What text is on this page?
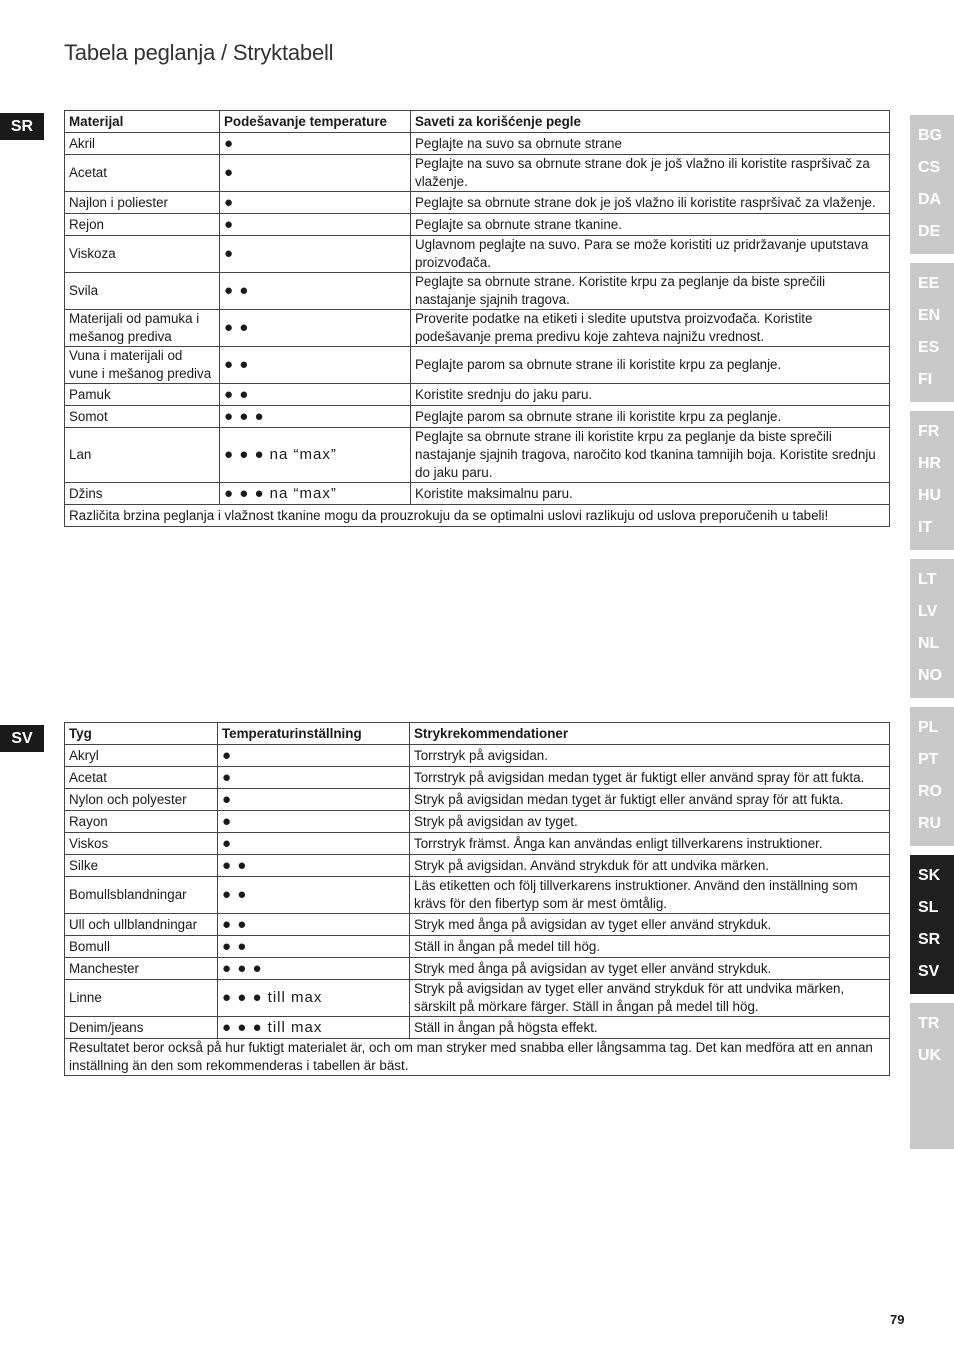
Tabela peglanja / Stryktabell
SR	Materijal	Podešavanje temperature	Saveti za korišćenje pegle
Akril	●	Peglajte na suvo sa obrnute strane
Acetat	●	Peglajte na suvo sa obrnute strane dok je još vlažno ili koristite raspršivač za vlaženje.
Najlon i poliester	●	Peglajte sa obrnute strane dok je još vlažno ili koristite raspršivač za vlaženje.
Rejon	●	Peglajte sa obrnute strane tkanine.
Viskoza	●	Uglavnom peglajte na suvo. Para se može koristiti uz pridržavanje uputstava proizvođača.
Svila	● ●	Peglajte sa obrnute strane. Koristite krpu za peglanje da biste sprečili nastajanje sjajnih tragova.
Materijali od pamuka i mešanog prediva	● ●	Proverite podatke na etiketi i sledite uputstva proizvođača. Koristite podešavanje prema predivu koje zahteva najnižu vrednost.
Vuna i materijali od vune i mešanog prediva	● ●	Peglajte parom sa obrnute strane ili koristite krpu za peglanje.
Pamuk	● ●	Koristite srednju do jaku paru.
Somot	● ● ●	Peglajte parom sa obrnute strane ili koristite krpu za peglanje.
Lan	● ● ● na “max”	Peglajte sa obrnute strane ili koristite krpu za peglanje da biste sprečili nastajanje sjajnih tragova, naročito kod tkanina tamnijih boja. Koristite srednju do jaku paru.
Džins	● ● ● na “max”	Koristite maksimalnu paru.
Različita brzina peglanja i vlažnost tkanine mogu da prouzrokuju da se optimalni uslovi razlikuju od uslova preporučenih u tabeli!		
SV	Tyg	Temperaturinställning	Strykrekommendationer
Akryl	●	Torrstryk på avigsidan.
Acetat	●	Torrstryk på avigsidan medan tyget är fuktigt eller använd spray för att fukta.
Nylon och polyester	●	Stryk på avigsidan medan tyget är fuktigt eller använd spray för att fukta.
Rayon	●	Stryk på avigsidan av tyget.
Viskos	●	Torrstryk främst. Ånga kan användas enligt tillverkarens instruktioner.
Silke	● ●	Stryk på avigsidan. Använd strykduk för att undvika märken.
Bomullsblandningar	● ●	Läs etiketten och följ tillverkarens instruktioner. Använd den inställning som krävs för den fibertyp som är mest ömtålig.
Ull och ullblandningar	● ●	Stryk med ånga på avigsidan av tyget eller använd strykduk.
Bomull	● ●	Ställ in ångan på medel till hög.
Manchester	● ● ●	Stryk med ånga på avigsidan av tyget eller använd strykduk.
Linne	● ● ● till max	Stryk på avigsidan av tyget eller använd strykduk för att undvika märken, särskilt på mörkare färger. Ställ in ångan på medel till hög.
Denim/jeans	● ● ● till max	Ställ in ångan på högsta effekt.
Resultatet beror också på hur fuktigt materialet är, och om man stryker med snabba eller långsamma tag. Det kan medföra att en annan inställning än den som rekommenderas i tabellen är bäst.		
BG
CS
DA
DE
EE
EN
ES
FI
FR
HR
HU
IT
LT
LV
NL
NO
PL
PT
RO
RU
SK
SL
SR
SV
TR
UK
79
